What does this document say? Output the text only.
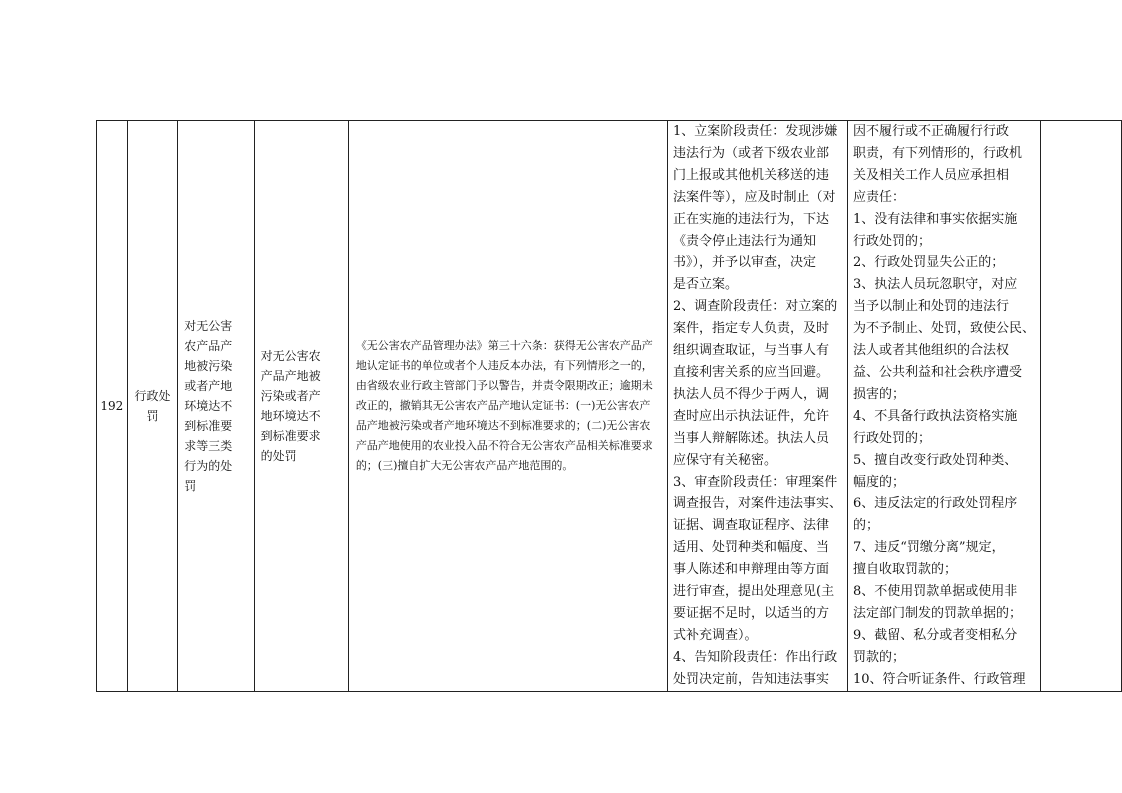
192	
行政处
罚

对无公害
农产品产
地被污染
或者产地
环境达不
到标准要
求等三类
行为的处
罚

对无公害农
产品产地被
污染或者产
地环境达不
到标准要求
的处罚

《无公害农产品管理办法》第三十六条：获得无公害农产品产地认定证书的单位或者个人违反本办法，有下列情形之一的，由省级农业行政主管部门予以警告，并责令限期改正；逾期未改正的，撤销其无公害农产品产地认定证书：(一)无公害农产品产地被污染或者产地环境达不到标准要求的；(二)无公害农产品产地使用的农业投入品不符合无公害农产品相关标准要求的；(三)擅自扩大无公害农产品产地范围的。

1、立案阶段责任：发现涉嫌
违法行为（或者下级农业部
门上报或其他机关移送的违
法案件等），应及时制止（对
正在实施的违法行为，下达
《责令停止违法行为通知
书》），并予以审查，决定
是否立案。
2、调查阶段责任：对立案的
案件，指定专人负责，及时
组织调查取证，与当事人有
直接利害关系的应当回避。
执法人员不得少于两人，调
查时应出示执法证件，允许
当事人辩解陈述。执法人员
应保守有关秘密。
3、审查阶段责任：审理案件
调查报告，对案件违法事实、
证据、调查取证程序、法律
适用、处罚种类和幅度、当
事人陈述和申辩理由等方面
进行审查，提出处理意见(主
要证据不足时，以适当的方
式补充调查）。
4、告知阶段责任：作出行政
处罚决定前，告知违法事实

因不履行或不正确履行行政
职责，有下列情形的，行政机
关及相关工作人员应承担相
应责任：
1、没有法律和事实依据实施
行政处罚的；
2、行政处罚显失公正的；
3、执法人员玩忽职守，对应
当予以制止和处罚的违法行
为不予制止、处罚，致使公民、
法人或者其他组织的合法权
益、公共利益和社会秩序遭受
损害的；
4、不具备行政执法资格实施
行政处罚的；
5、擅自改变行政处罚种类、
幅度的；
6、违反法定的行政处罚程序
的；
7、违反“罚缴分离”规定，
擅自收取罚款的；
8、不使用罚款单据或使用非
法定部门制发的罚款单据的；
9、截留、私分或者变相私分
罚款的；
10、符合听证条件、行政管理
